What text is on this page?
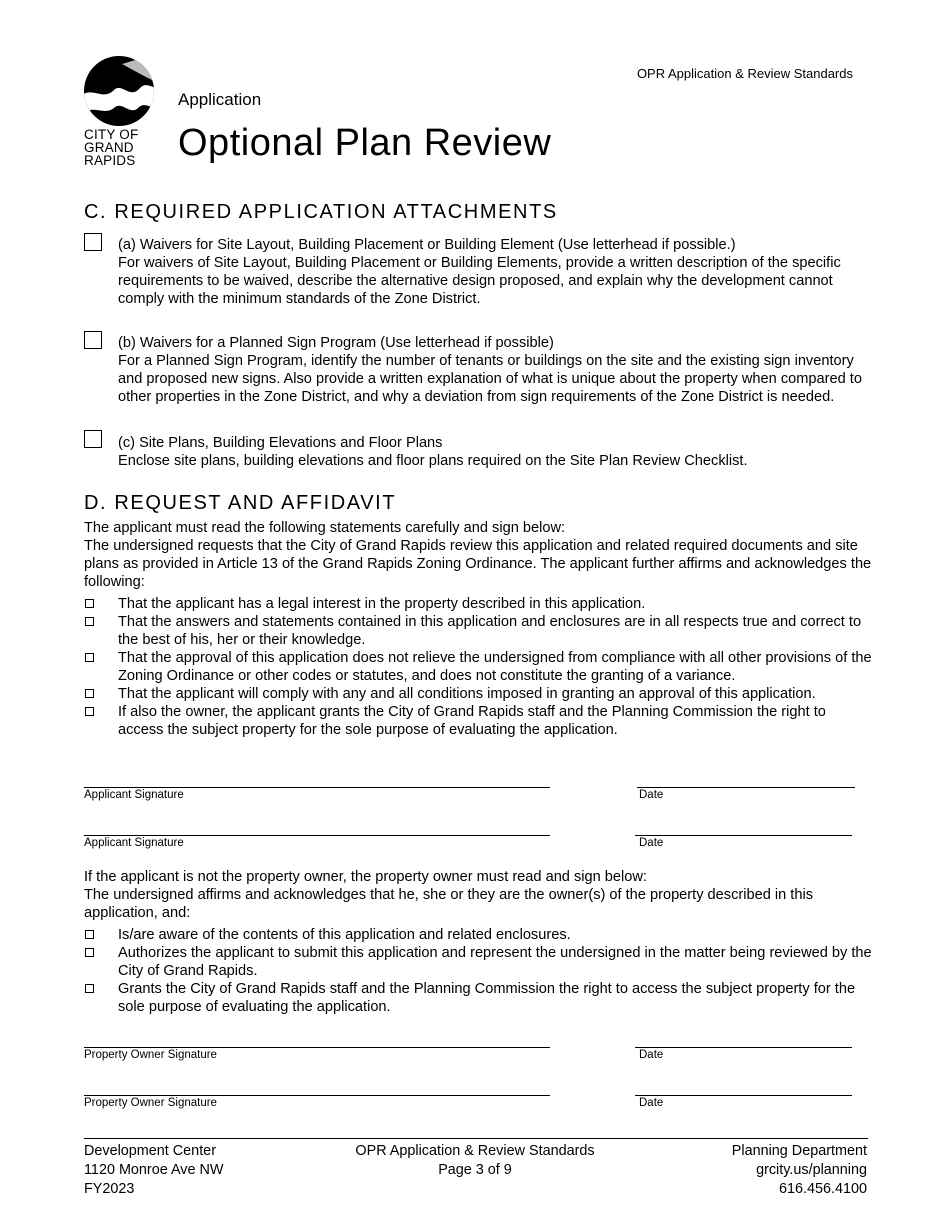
CITY OF
GRAND
RAPIDS
OPR Application & Review Standards
Application
Optional Plan Review
C. REQUIRED APPLICATION ATTACHMENTS
(a) Waivers for Site Layout, Building Placement or Building Element (Use letterhead if possible.)
For waivers of Site Layout, Building Placement or Building Elements, provide a written description of the specific requirements to be waived, describe the alternative design proposed, and explain why the development cannot comply with the minimum standards of the Zone District.
(b) Waivers for a Planned Sign Program (Use letterhead if possible)
For a Planned Sign Program, identify the number of tenants or buildings on the site and the existing sign inventory and proposed new signs. Also provide a written explanation of what is unique about the property when compared to other properties in the Zone District, and why a deviation from sign requirements of the Zone District is needed.
(c) Site Plans, Building Elevations and Floor Plans
Enclose site plans, building elevations and floor plans required on the Site Plan Review Checklist.
D. REQUEST AND AFFIDAVIT
The applicant must read the following statements carefully and sign below:
The undersigned requests that the City of Grand Rapids review this application and related required documents and site plans as provided in Article 13 of the Grand Rapids Zoning Ordinance. The applicant further affirms and acknowledges the following:
That the applicant has a legal interest in the property described in this application.
That the answers and statements contained in this application and enclosures are in all respects true and correct to the best of his, her or their knowledge.
That the approval of this application does not relieve the undersigned from compliance with all other provisions of the Zoning Ordinance or other codes or statutes, and does not constitute the granting of a variance.
That the applicant will comply with any and all conditions imposed in granting an approval of this application.
If also the owner, the applicant grants the City of Grand Rapids staff and the Planning Commission the right to access the subject property for the sole purpose of evaluating the application.
Applicant Signature	Date
Applicant Signature	Date
If the applicant is not the property owner, the property owner must read and sign below:
The undersigned affirms and acknowledges that he, she or they are the owner(s) of the property described in this application, and:
Is/are aware of the contents of this application and related enclosures.
Authorizes the applicant to submit this application and represent the undersigned in the matter being reviewed by the City of Grand Rapids.
Grants the City of Grand Rapids staff and the Planning Commission the right to access the subject property for the sole purpose of evaluating the application.
Property Owner Signature	Date
Property Owner Signature	Date
Development Center
1120 Monroe Ave NW
FY2023
OPR Application & Review Standards
Page 3 of 9
Planning Department
grcity.us/planning
616.456.4100
